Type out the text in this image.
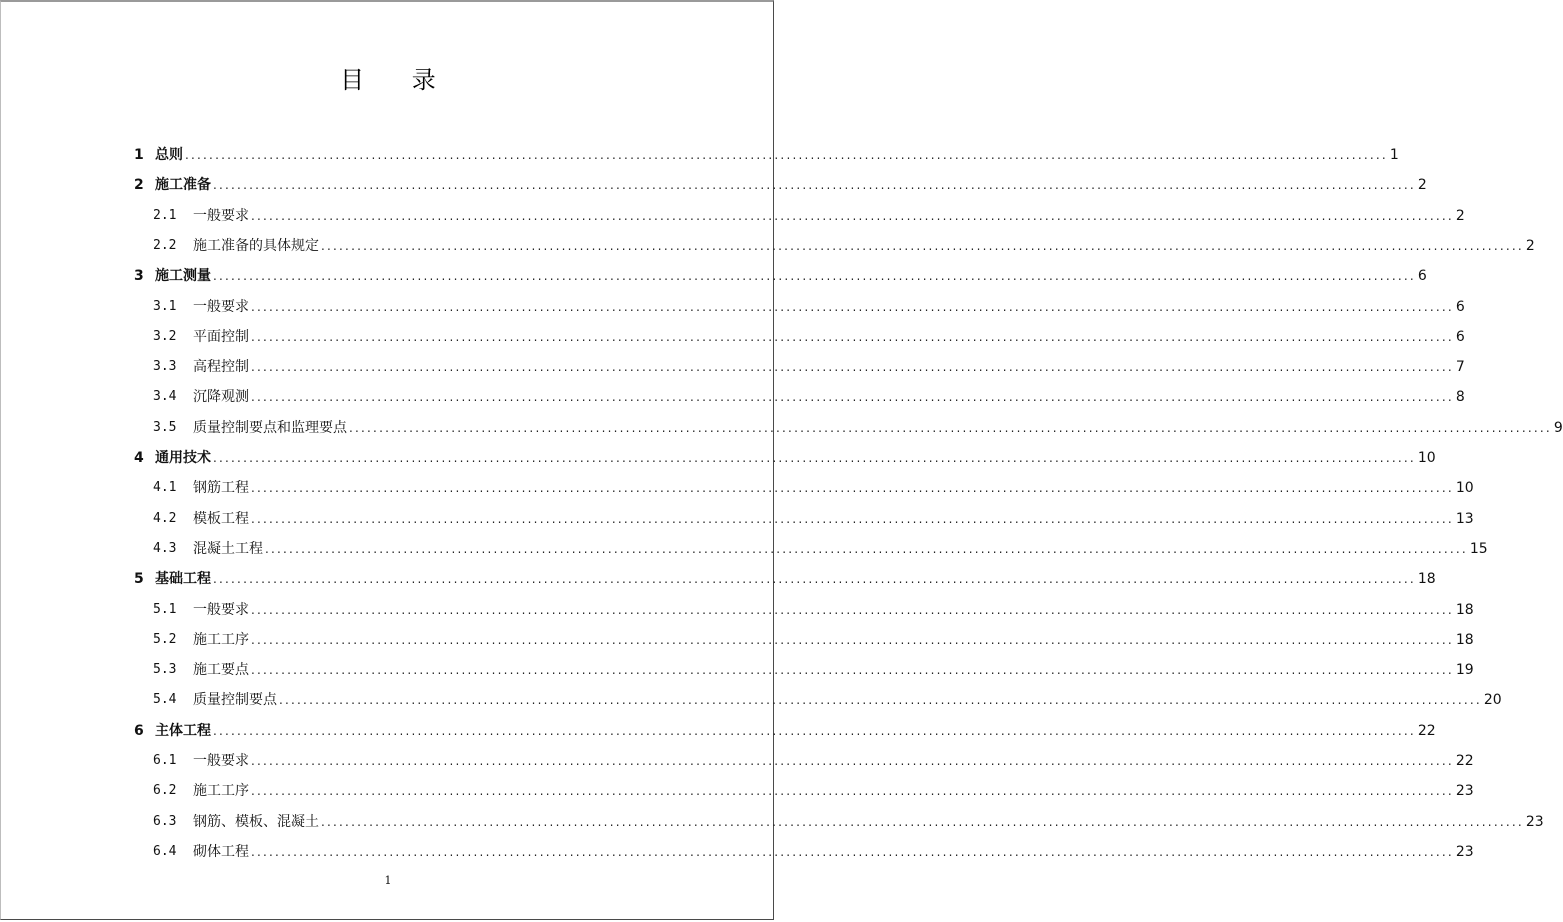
目 录
1 总则 ........................................................................................................................................................................................................ 1
2 施工准备 ........................................................................................................................................................................................................ 2
2.1	一般要求 ........................................................................................................................................................................................................ 2
2.2	施工准备的具体规定 ........................................................................................................................................................................................................ 2
3 施工测量 ........................................................................................................................................................................................................ 6
3.1	一般要求 ........................................................................................................................................................................................................ 6
3.2	平面控制 ........................................................................................................................................................................................................ 6
3.3	高程控制 ........................................................................................................................................................................................................ 7
3.4	沉降观测 ........................................................................................................................................................................................................ 8
3.5	质量控制要点和监理要点 ........................................................................................................................................................................................................ 9
4 通用技术 ........................................................................................................................................................................................................ 10
4.1	钢筋工程 ........................................................................................................................................................................................................ 10
4.2	模板工程 ........................................................................................................................................................................................................ 13
4.3	混凝土工程 ........................................................................................................................................................................................................ 15
5 基础工程 ........................................................................................................................................................................................................ 18
5.1	一般要求 ........................................................................................................................................................................................................ 18
5.2	施工工序 ........................................................................................................................................................................................................ 18
5.3	施工要点 ........................................................................................................................................................................................................ 19
5.4	质量控制要点 ........................................................................................................................................................................................................ 20
6 主体工程 ........................................................................................................................................................................................................ 22
6.1	一般要求 ........................................................................................................................................................................................................ 22
6.2	施工工序 ........................................................................................................................................................................................................ 23
6.3	钢筋、模板、混凝土 ........................................................................................................................................................................................................ 23
6.4	砌体工程 ........................................................................................................................................................................................................ 23
1
